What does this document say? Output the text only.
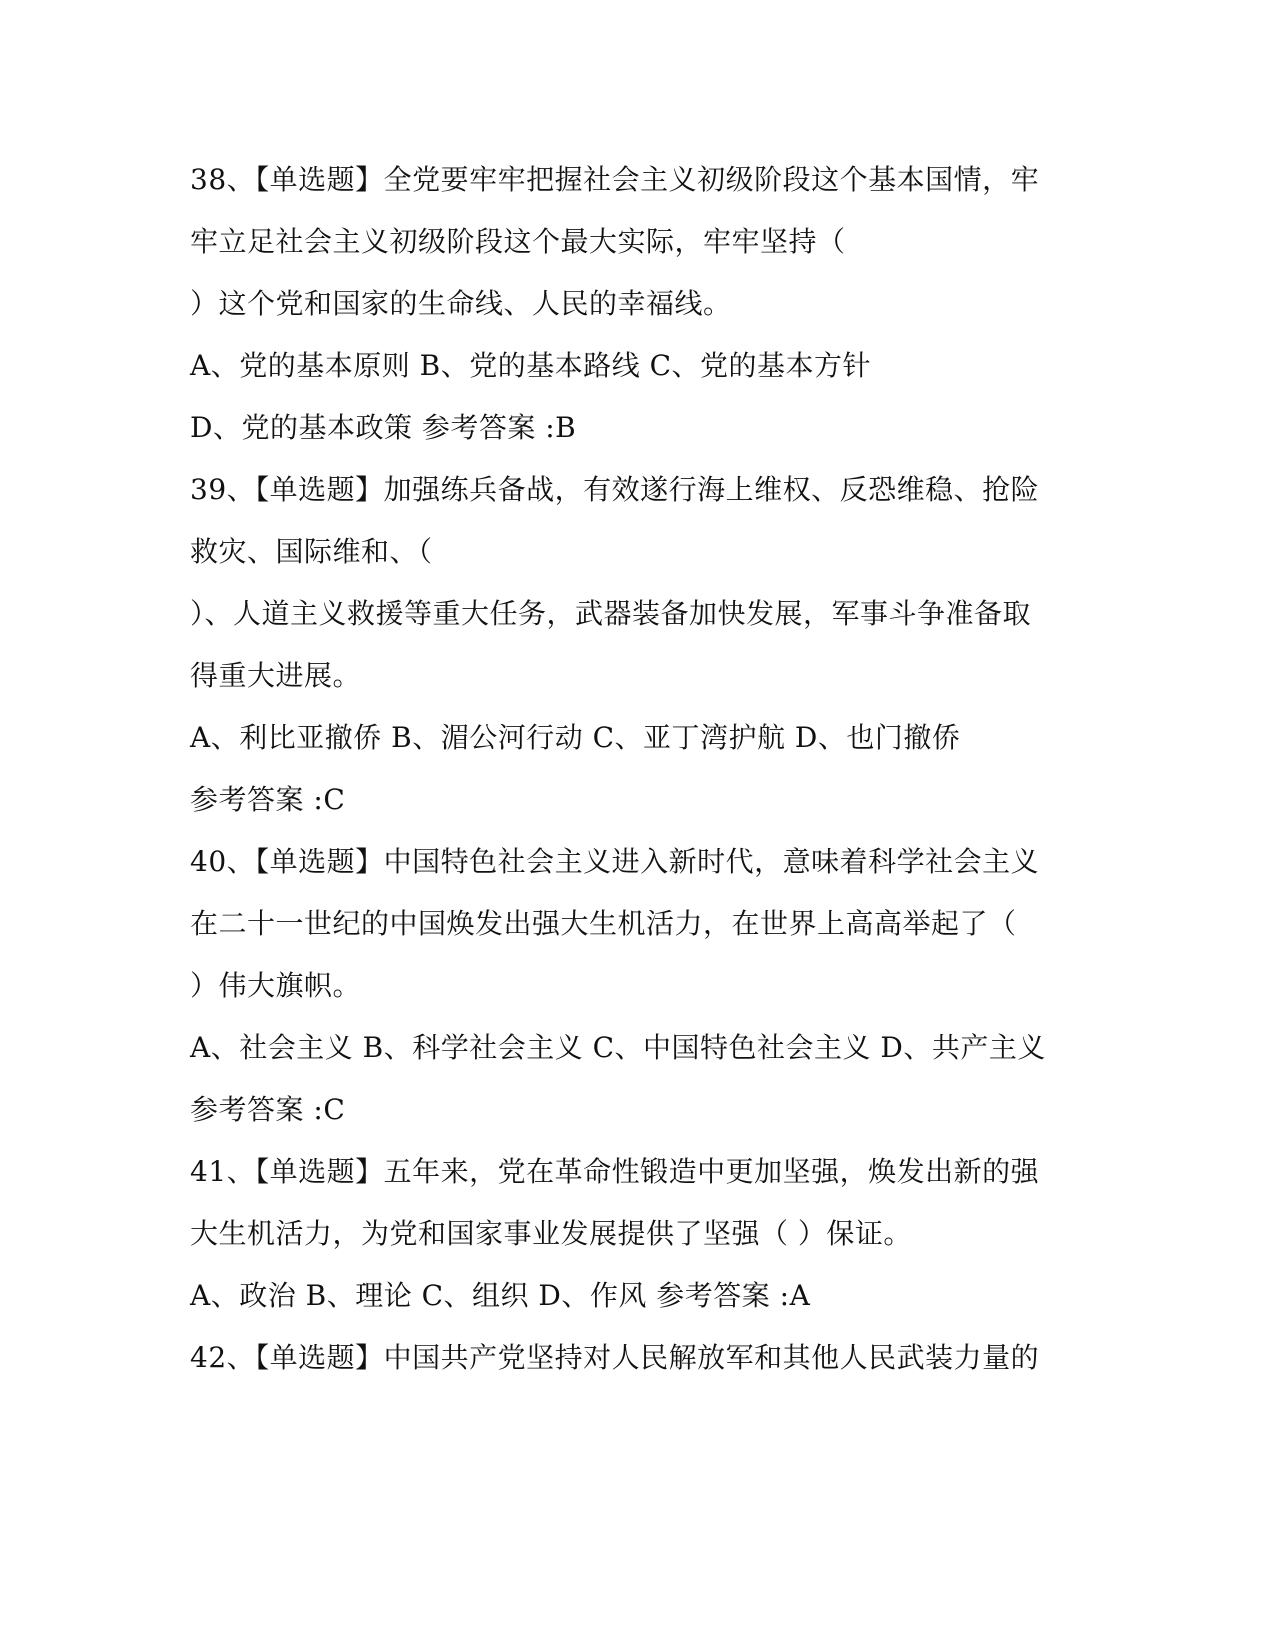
38、【单选题】全党要牢牢把握社会主义初级阶段这个基本国情，牢
牢立足社会主义初级阶段这个最大实际，牢牢坚持（
）这个党和国家的生命线、人民的幸福线。
A、党的基本原则 B、党的基本路线 C、党的基本方针
D、党的基本政策 参考答案 :B
39、【单选题】加强练兵备战，有效遂行海上维权、反恐维稳、抢险
救灾、国际维和、（
）、人道主义救援等重大任务，武器装备加快发展，军事斗争准备取
得重大进展。
A、利比亚撤侨 B、湄公河行动 C、亚丁湾护航 D、也门撤侨
参考答案 :C
40、【单选题】中国特色社会主义进入新时代，意味着科学社会主义
在二十一世纪的中国焕发出强大生机活力，在世界上高高举起了（
）伟大旗帜。
A、社会主义 B、科学社会主义 C、中国特色社会主义 D、共产主义
参考答案 :C
41、【单选题】五年来，党在革命性锻造中更加坚强，焕发出新的强
大生机活力，为党和国家事业发展提供了坚强（ ）保证。
A、政治 B、理论 C、组织 D、作风 参考答案 :A
42、【单选题】中国共产党坚持对人民解放军和其他人民武装力量的
